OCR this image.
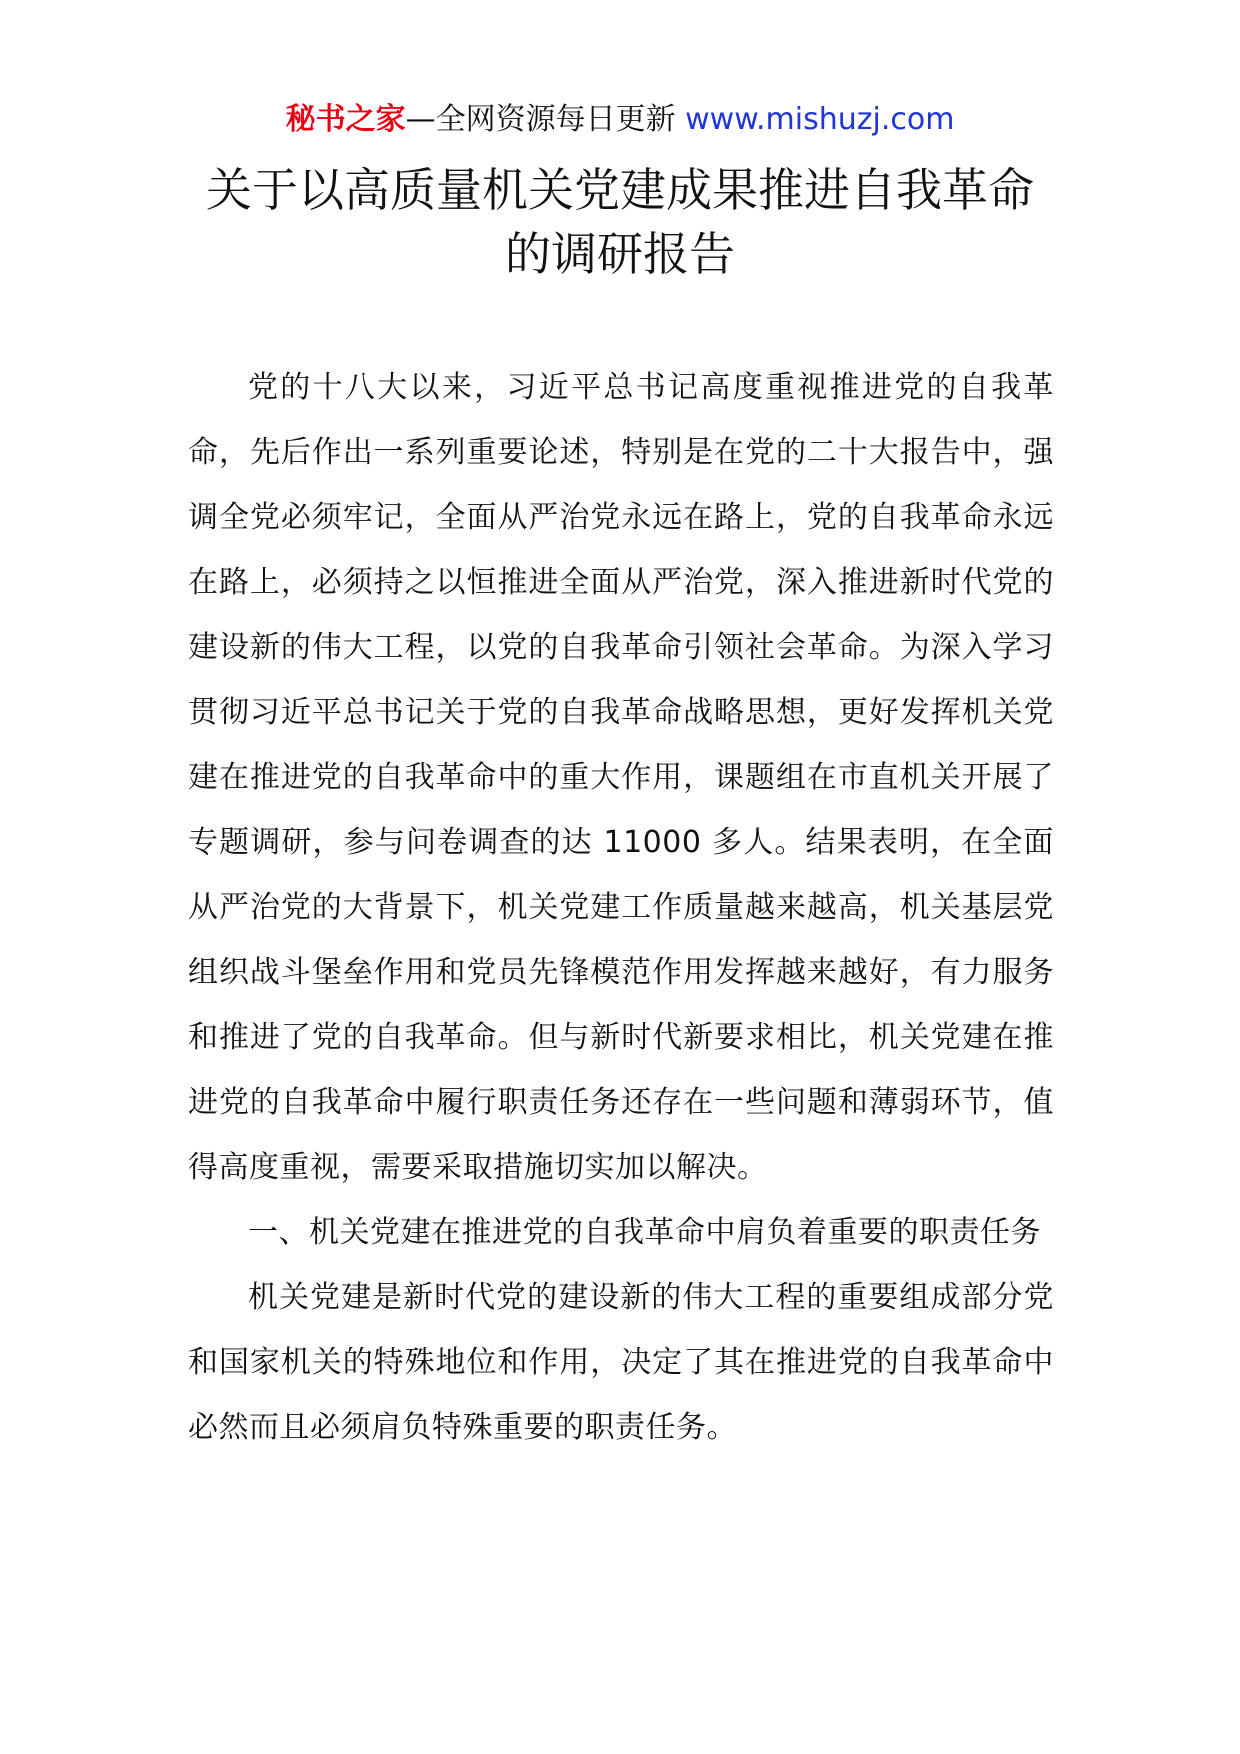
秘书之家—全网资源每日更新 www.mishuzj.com
关于以高质量机关党建成果推进自我革命
的调研报告

党的十八大以来，习近平总书记高度重视推进党的自我革命，先后作出一系列重要论述，特别是在党的二十大报告中，强调全党必须牢记，全面从严治党永远在路上，党的自我革命永远在路上，必须持之以恒推进全面从严治党，深入推进新时代党的建设新的伟大工程，以党的自我革命引领社会革命。为深入学习贯彻习近平总书记关于党的自我革命战略思想，更好发挥机关党建在推进党的自我革命中的重大作用，课题组在市直机关开展了专题调研，参与问卷调查的达 11000 多人。结果表明，在全面从严治党的大背景下，机关党建工作质量越来越高，机关基层党组织战斗堡垒作用和党员先锋模范作用发挥越来越好，有力服务和推进了党的自我革命。但与新时代新要求相比，机关党建在推进党的自我革命中履行职责任务还存在一些问题和薄弱环节，值得高度重视，需要采取措施切实加以解决。

一、机关党建在推进党的自我革命中肩负着重要的职责任务

机关党建是新时代党的建设新的伟大工程的重要组成部分党和国家机关的特殊地位和作用，决定了其在推进党的自我革命中必然而且必须肩负特殊重要的职责任务。
